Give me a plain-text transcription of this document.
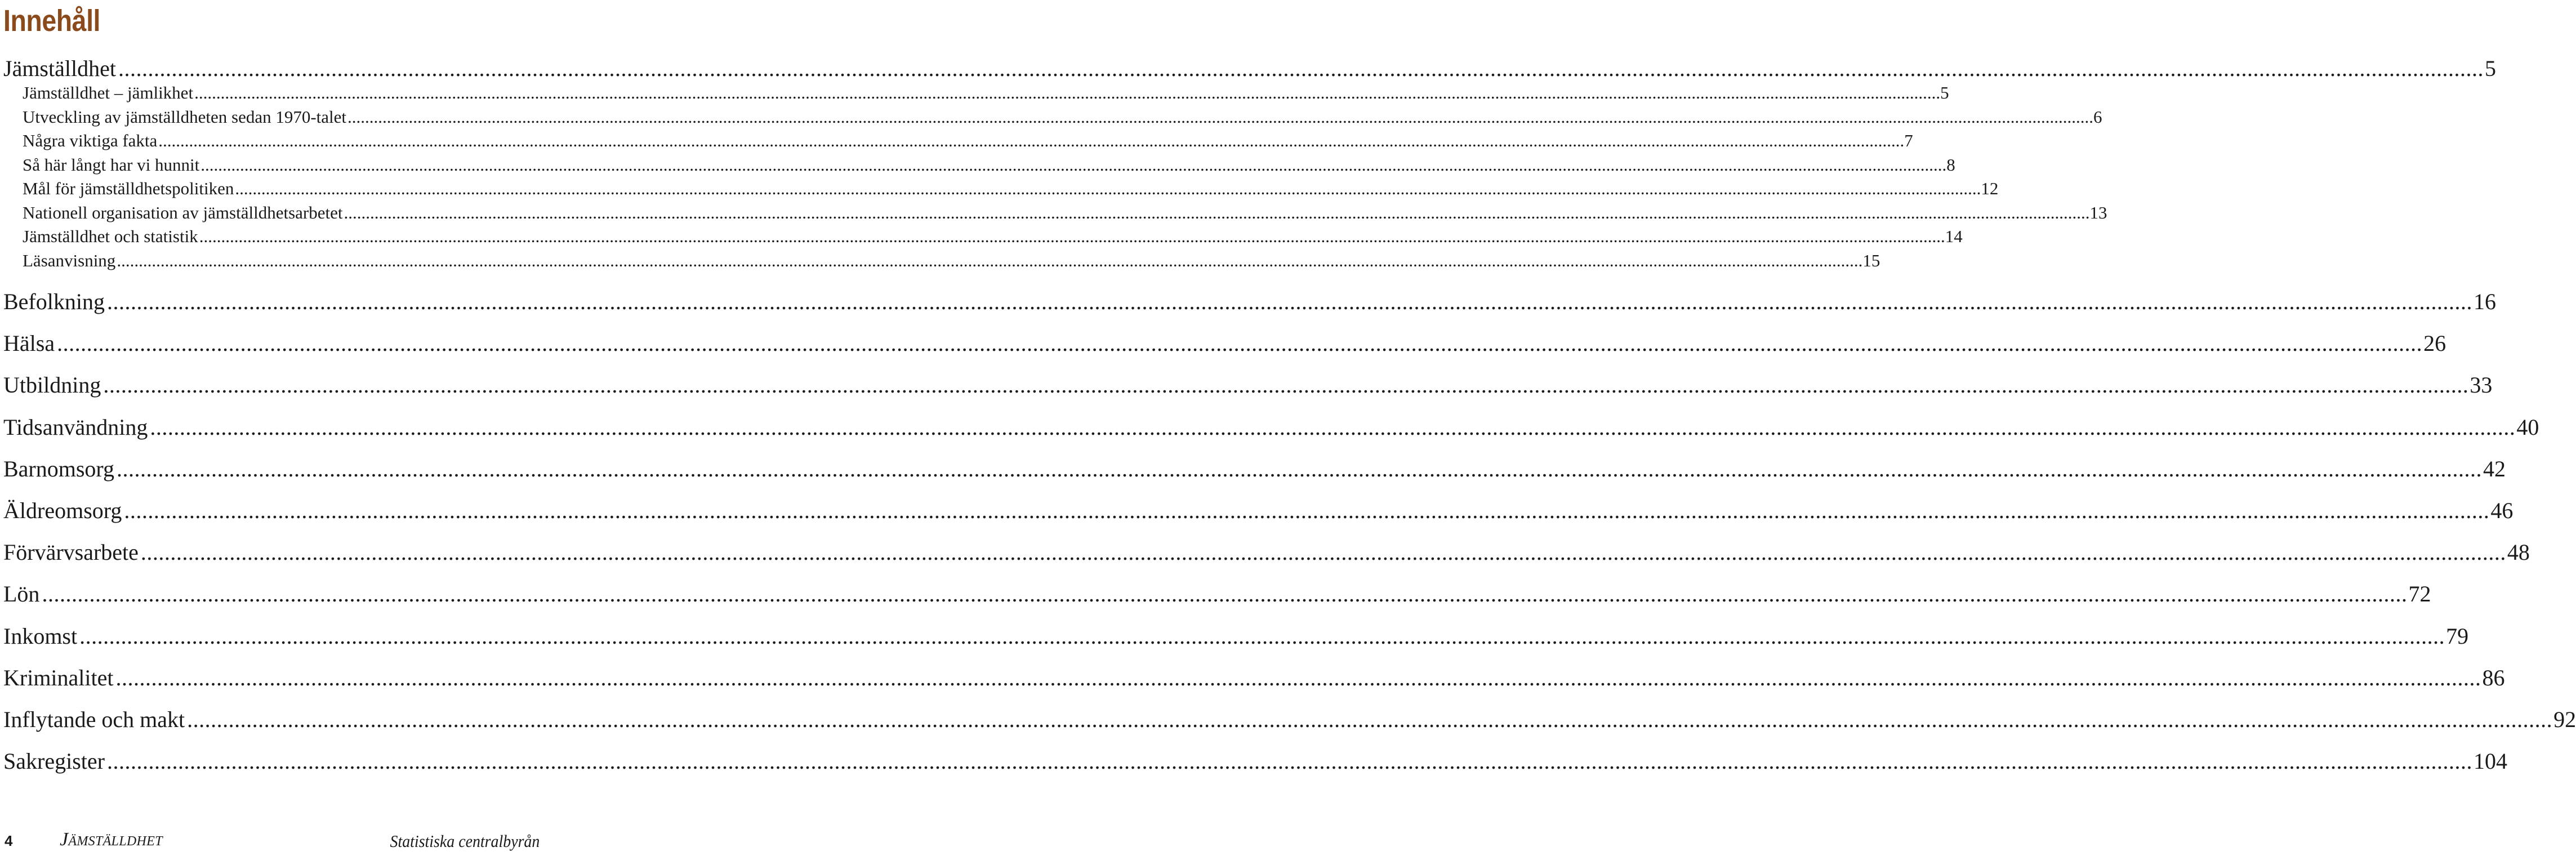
Innehåll
Jämställdhet ................................................................................................................................................................................................................................................................................................................................................................................................................ 5
Jämställdhet – jämlikhet ................................................................................................................................................................................................................................................................................................................................................................................................................ 5
Utveckling av jämställdheten sedan 1970-talet ................................................................................................................................................................................................................................................................................................................................................................................................................ 6
Några viktiga fakta ................................................................................................................................................................................................................................................................................................................................................................................................................ 7
Så här långt har vi hunnit ................................................................................................................................................................................................................................................................................................................................................................................................................ 8
Mål för jämställdhetspolitiken ................................................................................................................................................................................................................................................................................................................................................................................................................ 12
Nationell organisation av jämställdhetsarbetet ................................................................................................................................................................................................................................................................................................................................................................................................................ 13
Jämställdhet och statistik ................................................................................................................................................................................................................................................................................................................................................................................................................ 14
Läsanvisning ................................................................................................................................................................................................................................................................................................................................................................................................................ 15
Befolkning ................................................................................................................................................................................................................................................................................................................................................................................................................ 16
Hälsa ................................................................................................................................................................................................................................................................................................................................................................................................................ 26
Utbildning ................................................................................................................................................................................................................................................................................................................................................................................................................ 33
Tidsanvändning ................................................................................................................................................................................................................................................................................................................................................................................................................ 40
Barnomsorg ................................................................................................................................................................................................................................................................................................................................................................................................................ 42
Äldreomsorg ................................................................................................................................................................................................................................................................................................................................................................................................................ 46
Förvärvsarbete ................................................................................................................................................................................................................................................................................................................................................................................................................ 48
Lön ................................................................................................................................................................................................................................................................................................................................................................................................................ 72
Inkomst ................................................................................................................................................................................................................................................................................................................................................................................................................ 79
Kriminalitet ................................................................................................................................................................................................................................................................................................................................................................................................................ 86
Inflytande och makt ................................................................................................................................................................................................................................................................................................................................................................................................................ 92
Sakregister ................................................................................................................................................................................................................................................................................................................................................................................................................ 104
4 Jämställdhet	Statistiska centralbyrån
